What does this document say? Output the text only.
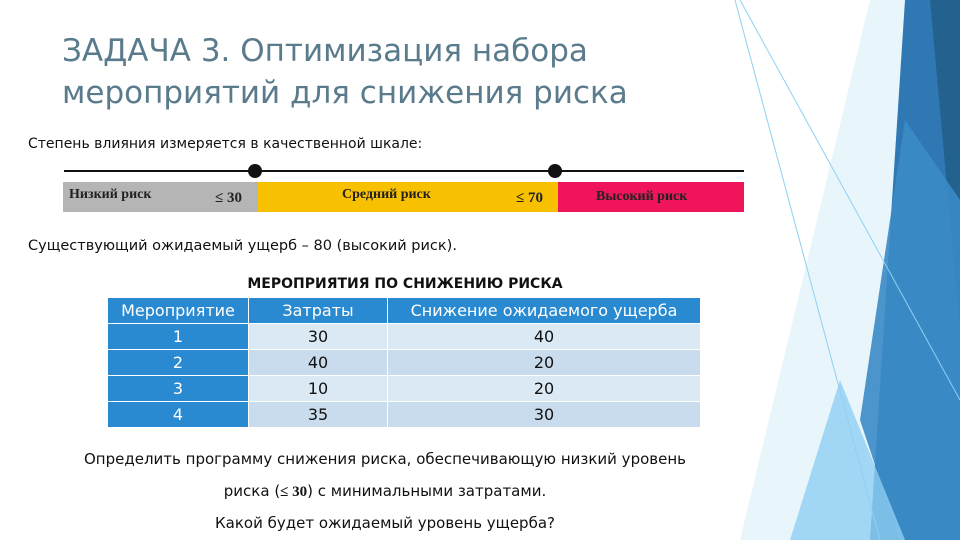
ЗАДАЧА 3. Оптимизация набора
мероприятий для снижения риска
Степень влияния измеряется в качественной шкале:
Низкий риск	≤ 30	Средний риск	≤ 70	Высокий риск
Существующий ожидаемый ущерб – 80 (высокий риск).
МЕРОПРИЯТИЯ ПО СНИЖЕНИЮ РИСКА
Мероприятие	Затраты	Снижение ожидаемого ущерба
1	30	40
2	40	20
3	10	20
4	35	30
Определить программу снижения риска, обеспечивающую низкий уровень
риска (≤ 30) с минимальными затратами.
Какой будет ожидаемый уровень ущерба?
